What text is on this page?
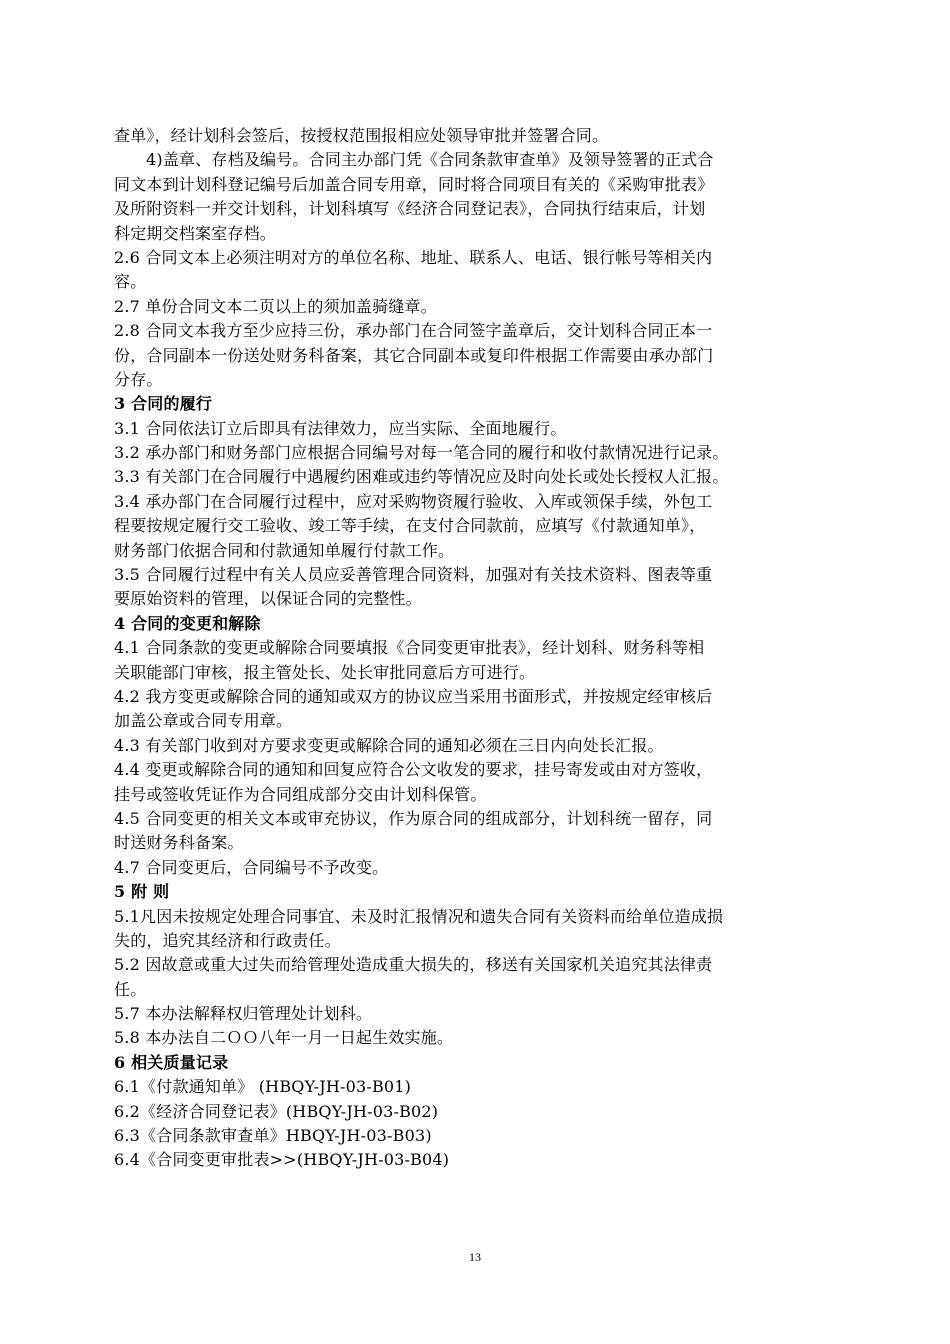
查单》，经计划科会签后，按授权范围报相应处领导审批并签署合同。
4)盖章、存档及编号。合同主办部门凭《合同条款审查单》及领导签署的正式合
同文本到计划科登记编号后加盖合同专用章，同时将合同项目有关的《采购审批表》
及所附资料一并交计划科，计划科填写《经济合同登记表》，合同执行结束后，计划
科定期交档案室存档。
2.6 合同文本上必须注明对方的单位名称、地址、联系人、电话、银行帐号等相关内
容。
2.7 单份合同文本二页以上的须加盖骑缝章。
2.8 合同文本我方至少应持三份，承办部门在合同签字盖章后，交计划科合同正本一
份，合同副本一份送处财务科备案，其它合同副本或复印件根据工作需要由承办部门
分存。
3 合同的履行
3.1 合同依法订立后即具有法律效力，应当实际、全面地履行。
3.2 承办部门和财务部门应根据合同编号对每一笔合同的履行和收付款情况进行记录。
3.3 有关部门在合同履行中遇履约困难或违约等情况应及时向处长或处长授权人汇报。
3.4 承办部门在合同履行过程中，应对采购物资履行验收、入库或领保手续，外包工
程要按规定履行交工验收、竣工等手续，在支付合同款前，应填写《付款通知单》，
财务部门依据合同和付款通知单履行付款工作。
3.5 合同履行过程中有关人员应妥善管理合同资料，加强对有关技术资料、图表等重
要原始资料的管理，以保证合同的完整性。
4 合同的变更和解除
4.1 合同条款的变更或解除合同要填报《合同变更审批表》，经计划科、财务科等相
关职能部门审核，报主管处长、处长审批同意后方可进行。
4.2 我方变更或解除合同的通知或双方的协议应当采用书面形式，并按规定经审核后
加盖公章或合同专用章。
4.3 有关部门收到对方要求变更或解除合同的通知必须在三日内向处长汇报。
4.4 变更或解除合同的通知和回复应符合公文收发的要求，挂号寄发或由对方签收，
挂号或签收凭证作为合同组成部分交由计划科保管。
4.5 合同变更的相关文本或审充协议，作为原合同的组成部分，计划科统一留存，同
时送财务科备案。
4.7 合同变更后，合同编号不予改变。
5 附 则
5.1凡因未按规定处理合同事宜、未及时汇报情况和遗失合同有关资料而给单位造成损
失的，追究其经济和行政责任。
5.2 因故意或重大过失而给管理处造成重大损失的，移送有关国家机关追究其法律责
任。
5.7 本办法解释权归管理处计划科。
5.8 本办法自二ＯＯ八年一月一日起生效实施。
6 相关质量记录
6.1《付款通知单》 (HBQY-JH-03-B01)
6.2《经济合同登记表》(HBQY-JH-03-B02)
6.3《合同条款审查单》HBQY-JH-03-B03)
6.4《合同变更审批表>>(HBQY-JH-03-B04)
13
